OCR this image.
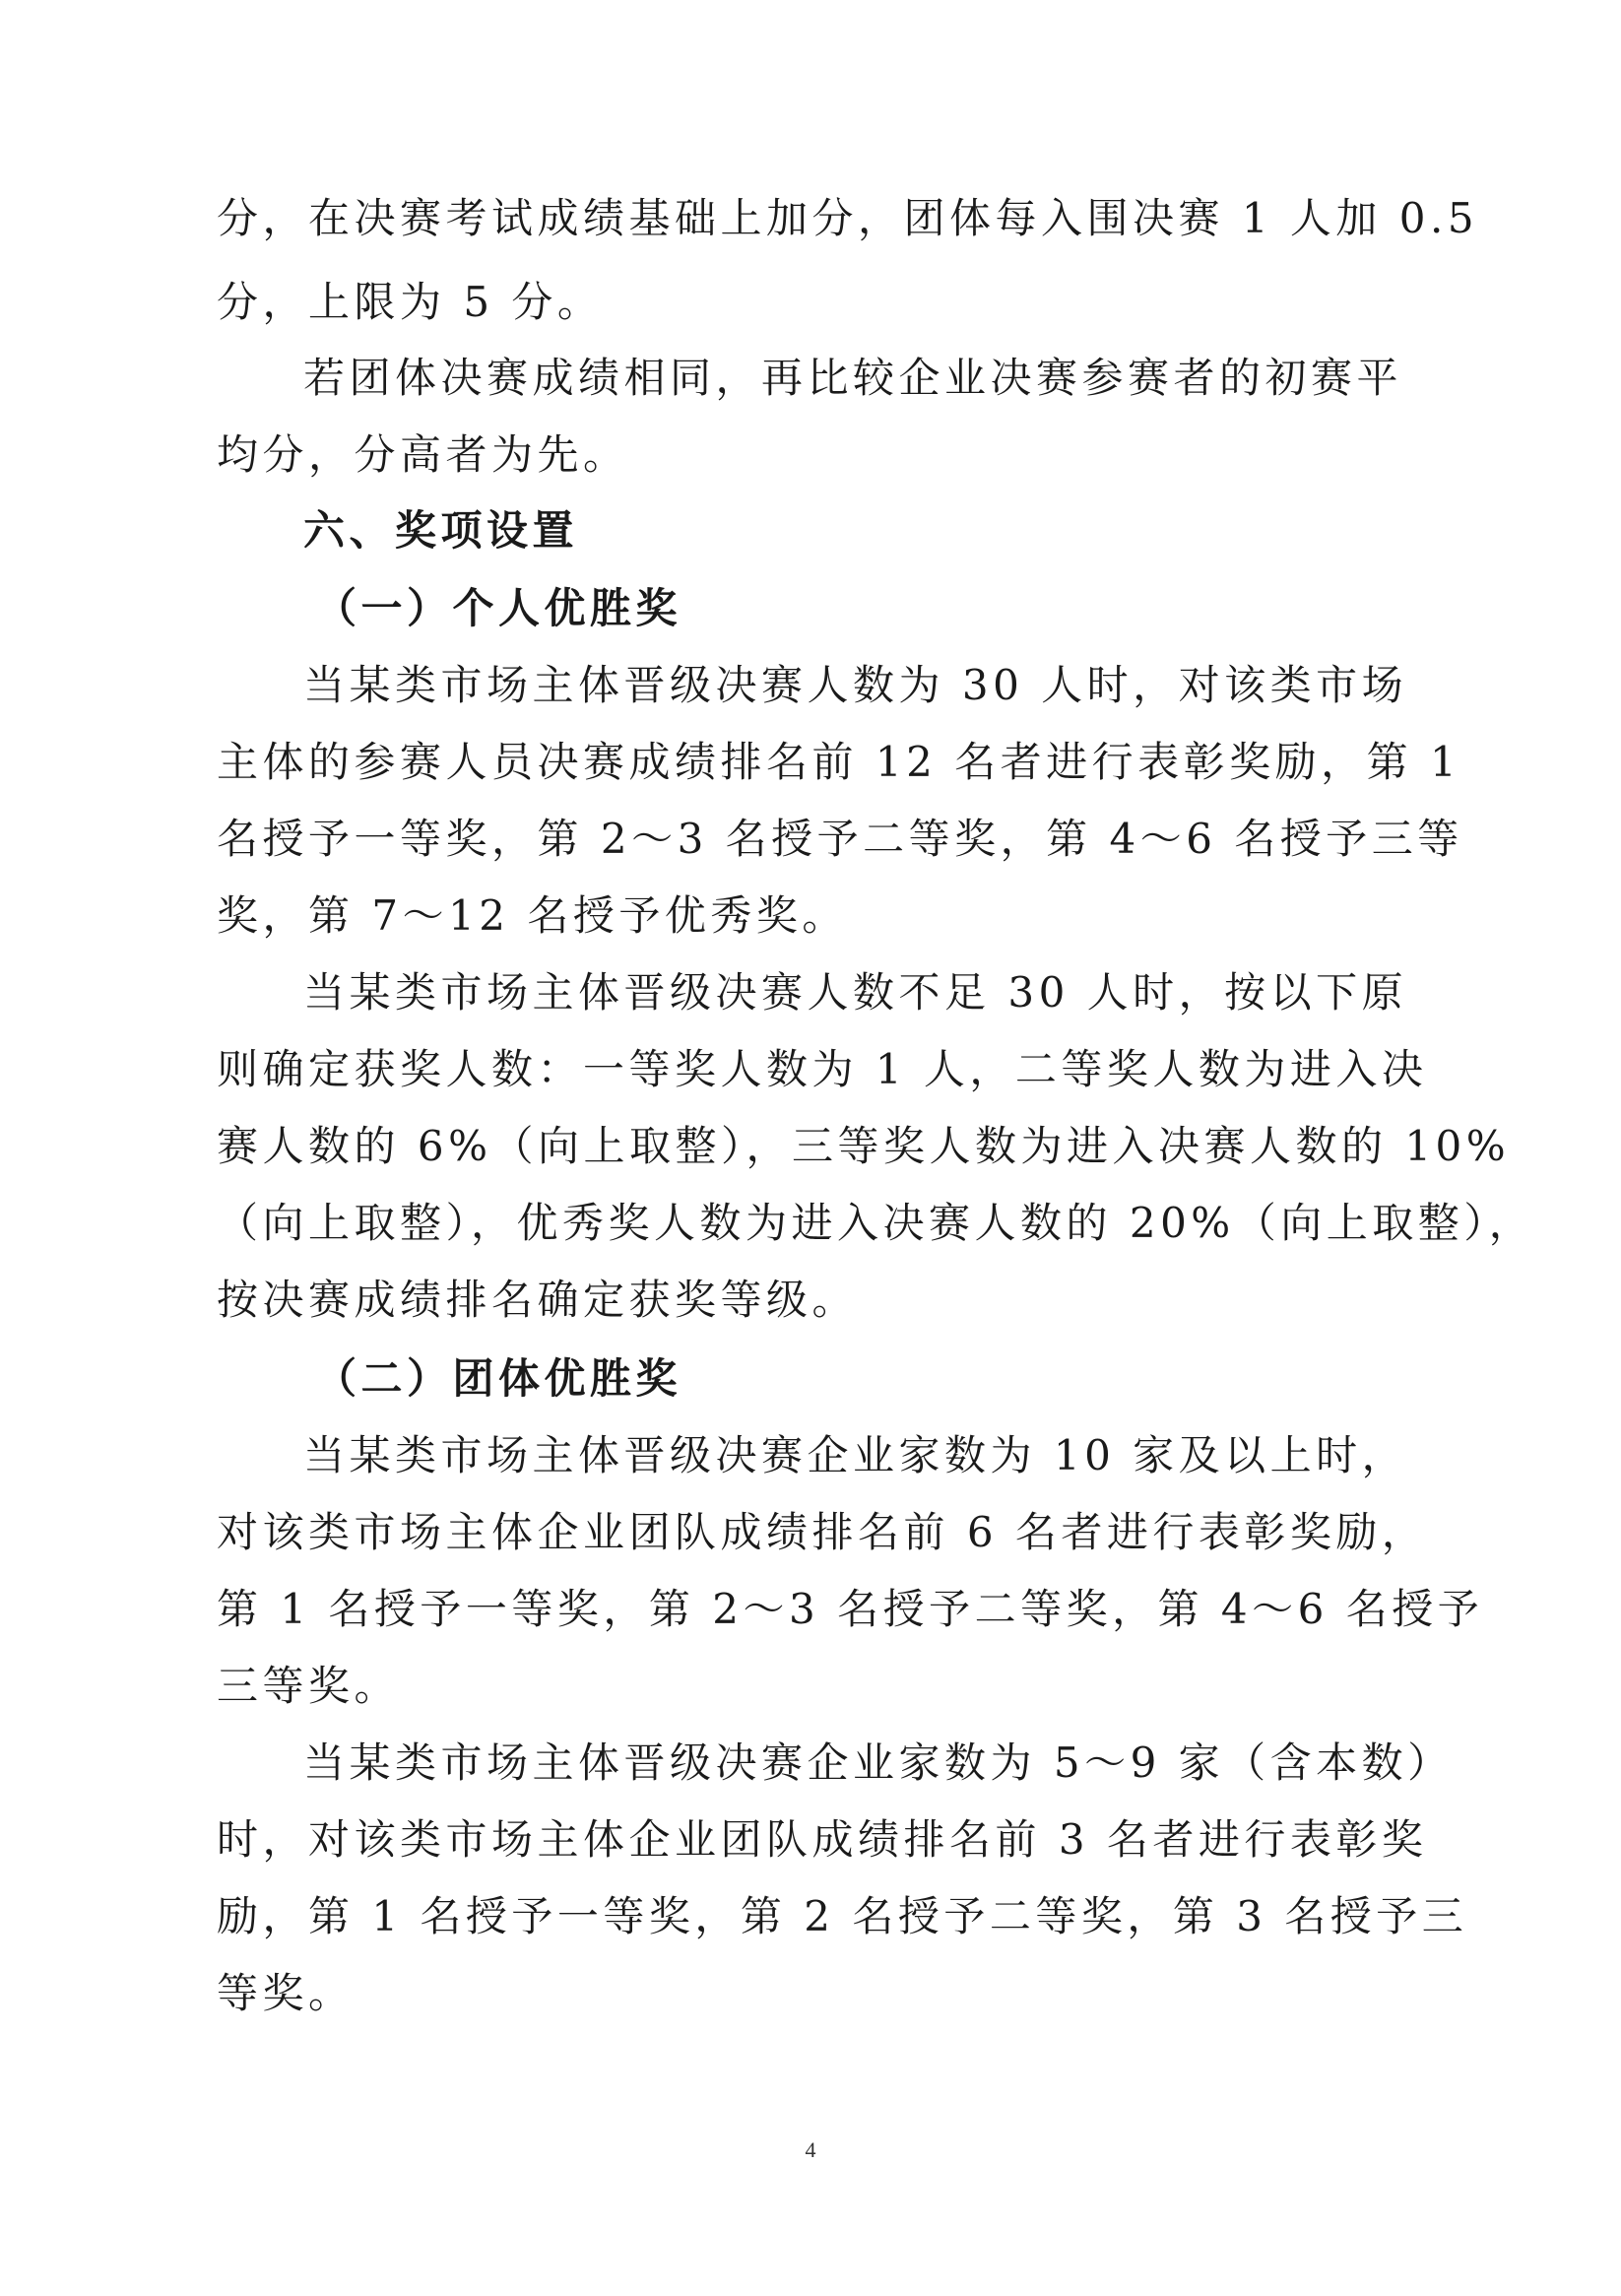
分，在决赛考试成绩基础上加分，团体每入围决赛 1 人加 0.5
分，上限为 5 分。
若团体决赛成绩相同，再比较企业决赛参赛者的初赛平
均分，分高者为先。
六、奖项设置
（一）个人优胜奖
当某类市场主体晋级决赛人数为 30 人时，对该类市场
主体的参赛人员决赛成绩排名前 12 名者进行表彰奖励，第 1
名授予一等奖，第 2～3 名授予二等奖，第 4～6 名授予三等
奖，第 7～12 名授予优秀奖。
当某类市场主体晋级决赛人数不足 30 人时，按以下原
则确定获奖人数：一等奖人数为 1 人，二等奖人数为进入决
赛人数的 6%（向上取整），三等奖人数为进入决赛人数的 10%
（向上取整），优秀奖人数为进入决赛人数的 20%（向上取整），
按决赛成绩排名确定获奖等级。
（二）团体优胜奖
当某类市场主体晋级决赛企业家数为 10 家及以上时，
对该类市场主体企业团队成绩排名前 6 名者进行表彰奖励，
第 1 名授予一等奖，第 2～3 名授予二等奖，第 4～6 名授予
三等奖。
当某类市场主体晋级决赛企业家数为 5～9 家（含本数）
时，对该类市场主体企业团队成绩排名前 3 名者进行表彰奖
励，第 1 名授予一等奖，第 2 名授予二等奖，第 3 名授予三
等奖。
4
